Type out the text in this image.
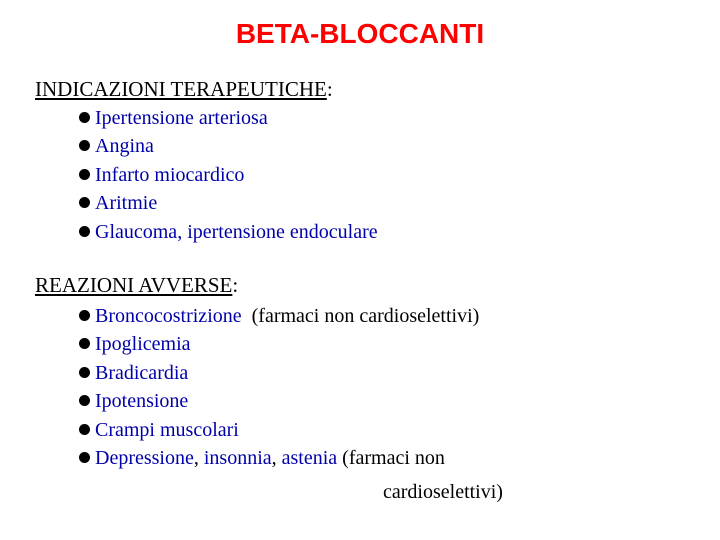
BETA-BLOCCANTI
INDICAZIONI TERAPEUTICHE:
Ipertensione arteriosa
Angina
Infarto miocardico
Aritmie
Glaucoma, ipertensione endoculare
REAZIONI AVVERSE:
Broncocostrizione (farmaci non cardioselettivi)
Ipoglicemia
Bradicardia
Ipotensione
Crampi muscolari
Depressione, insonnia, astenia (farmaci non
cardioselettivi)
